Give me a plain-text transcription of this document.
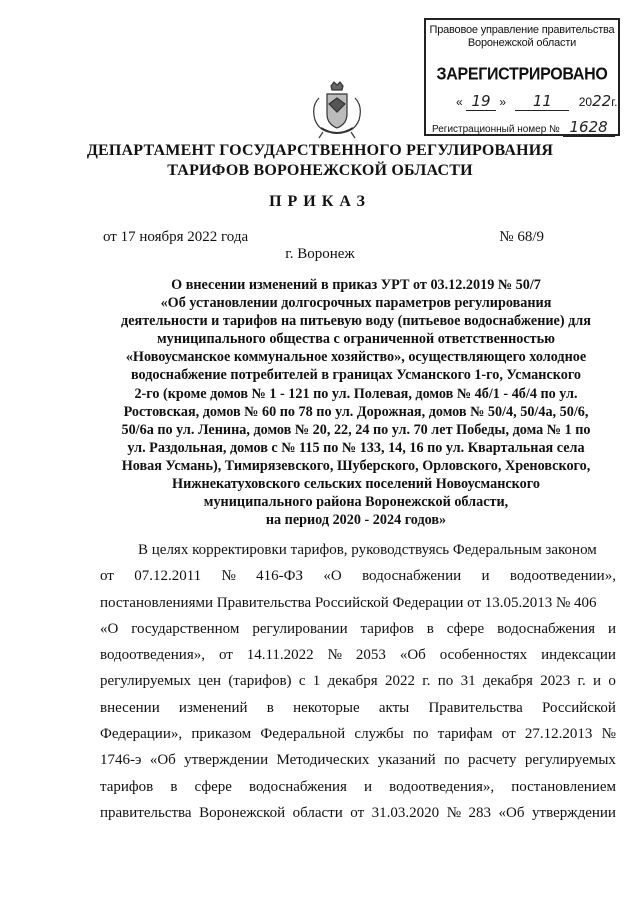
Правовое управление правительства
Воронежской области
ЗАРЕГИСТРИРОВАНО
« 19 » 11 2022г.
Регистрационный номер № 1628
ДЕПАРТАМЕНТ ГОСУДАРСТВЕННОГО РЕГУЛИРОВАНИЯ
ТАРИФОВ ВОРОНЕЖСКОЙ ОБЛАСТИ
ПРИКАЗ
от 17 ноября 2022 года	№ 68/9
г. Воронеж
О внесении изменений в приказ УРТ от 03.12.2019 № 50/7
«Об установлении долгосрочных параметров регулирования
деятельности и тарифов на питьевую воду (питьевое водоснабжение) для
муниципального общества с ограниченной ответственностью
«Новоусманское коммунальное хозяйство», осуществляющего холодное
водоснабжение потребителей в границах Усманского 1-го, Усманского
2-го (кроме домов № 1 - 121 по ул. Полевая, домов № 4б/1 - 4б/4 по ул.
Ростовская, домов № 60 по 78 по ул. Дорожная, домов № 50/4, 50/4а, 50/6,
50/6а по ул. Ленина, домов № 20, 22, 24 по ул. 70 лет Победы, дома № 1 по
ул. Раздольная, домов с № 115 по № 133, 14, 16 по ул. Квартальная села
Новая Усмань), Тимирязевского, Шуберского, Орловского, Хреновского,
Нижнекатуховского сельских поселений Новоусманского
муниципального района Воронежской области,
на период 2020 - 2024 годов»
В целях корректировки тарифов, руководствуясь Федеральным законом
от 07.12.2011 № 416-ФЗ «О водоснабжении и водоотведении»,
постановлениями Правительства Российской Федерации от 13.05.2013 № 406
«О государственном регулировании тарифов в сфере водоснабжения и
водоотведения», от 14.11.2022 № 2053 «Об особенностях индексации
регулируемых цен (тарифов) с 1 декабря 2022 г. по 31 декабря 2023 г. и о
внесении изменений в некоторые акты Правительства Российской
Федерации», приказом Федеральной службы по тарифам от 27.12.2013 №
1746-э «Об утверждении Методических указаний по расчету регулируемых
тарифов в сфере водоснабжения и водоотведения», постановлением
правительства Воронежской области от 31.03.2020 № 283 «Об утверждении
